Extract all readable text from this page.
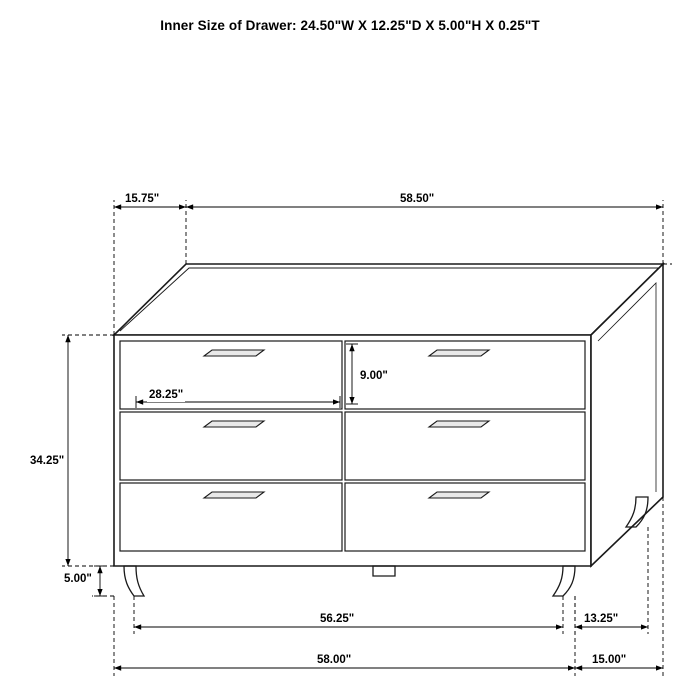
Inner Size of Drawer: 24.50"W X 12.25"D X 5.00"H X 0.25"T
15.75"	58.50"
28.25"
9.00"
34.25"
5.00"
56.25"	13.25"
58.00"	15.00"
